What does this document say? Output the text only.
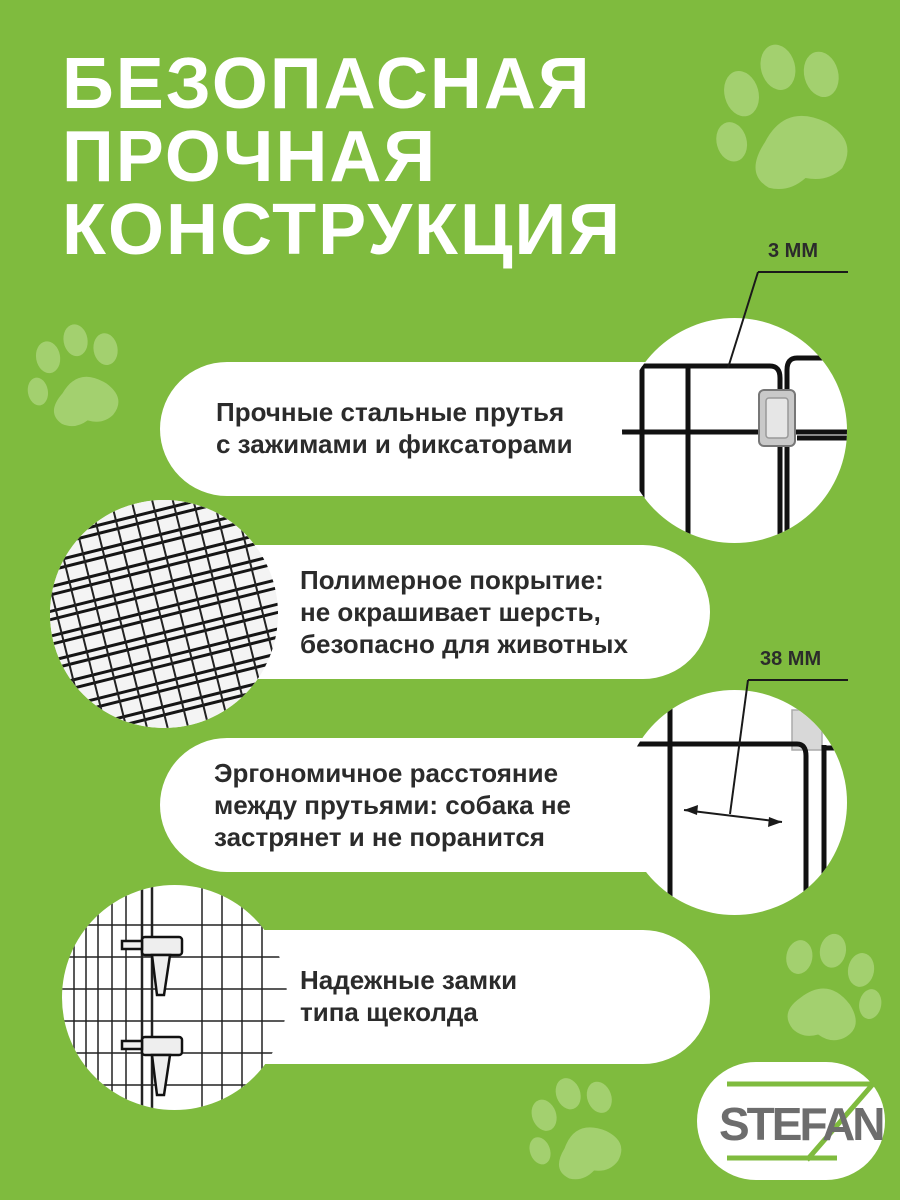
БЕЗОПАСНАЯ
ПРОЧНАЯ
КОНСТРУКЦИЯ
Прочные стальные прутья
с зажимами и фиксаторами
Полимерное покрытие:
не окрашивает шерсть,
безопасно для животных
Эргономичное расстояние
между прутьями: собака не
застрянет и не поранится
Надежные замки
типа щеколда
3 ММ
38 ММ
STEFAN
